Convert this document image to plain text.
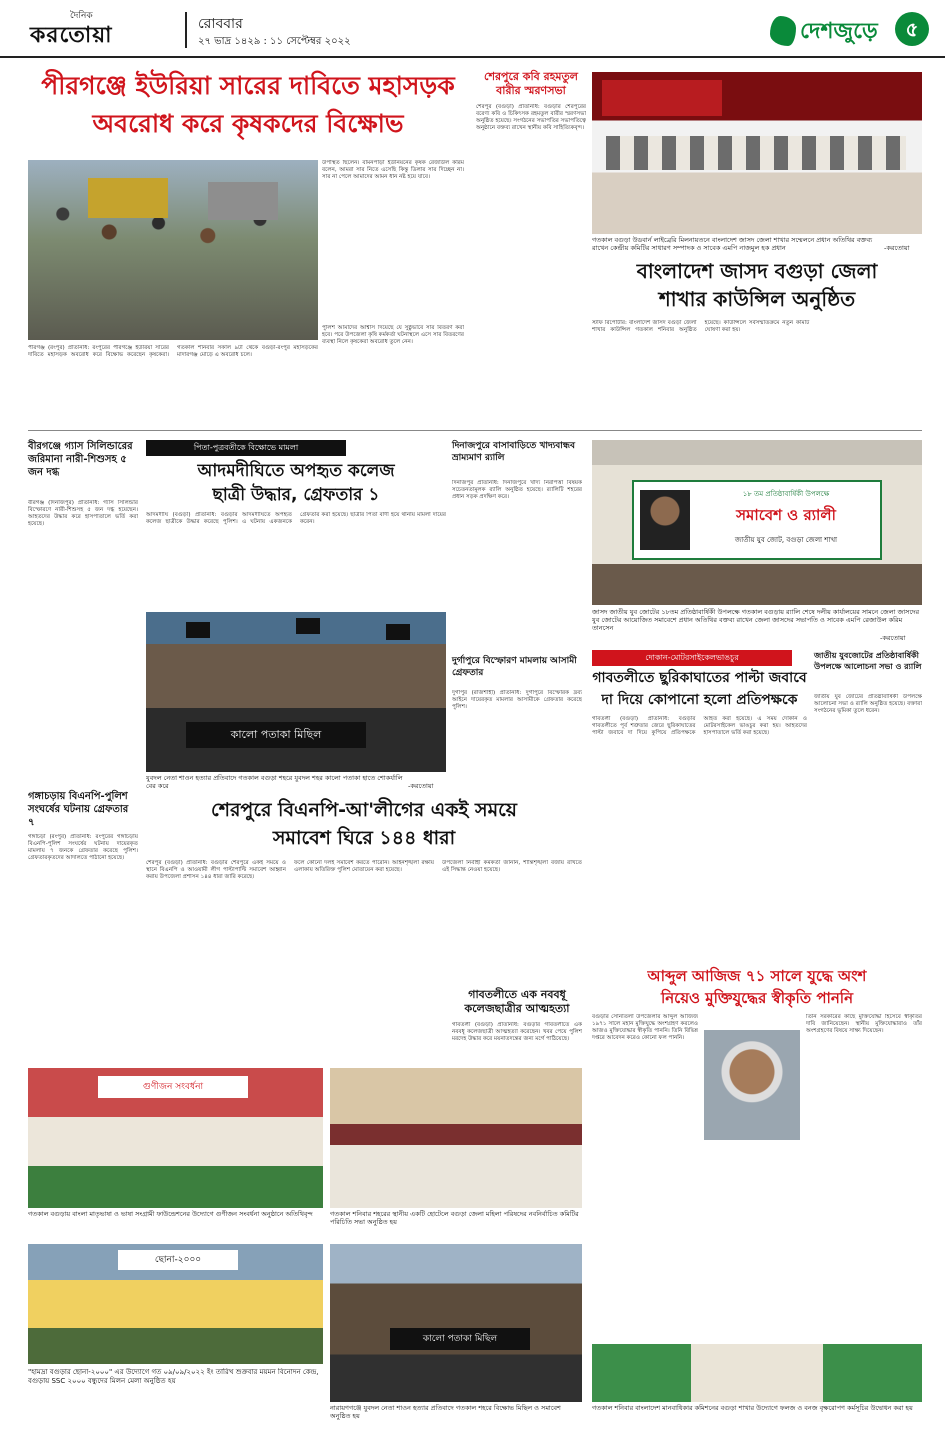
দৈনিক
করতোয়া	রোববার
২৭ ভাদ্র ১৪২৯ : ১১ সেপ্টেম্বর ২০২২	দেশজুড়ে	৫
পীরগঞ্জে ইউরিয়া সারের দাবিতে মহাসড়ক
অবরোধ করে কৃষকদের বিক্ষোভ
পীরগঞ্জ (রংপুর) প্রতিনিধি: রংপুরের পীরগঞ্জে ইউরিয়া সারের দাবিতে মহাসড়ক অবরোধ করে বিক্ষোভ করেছেন কৃষকেরা। গতকাল শনিবার সকাল ৯টা থেকে বগুড়া-রংপুর মহাসড়কের মাদারগঞ্জ মোড়ে এ অবরোধ চলে।
উপস্থিত ছিলেন। বামনপাড়া ইউনিয়নের কৃষক রেজাউল করিম বলেন, আমরা সার নিতে এসেছি কিন্তু ডিলার সার দিচ্ছেন না। সার না পেলে আমাদের আমন ধান নষ্ট হয়ে যাবে।
পুলিশ আমাদের আশ্বাস দিয়েছে যে সুষ্ঠুভাবে সার বিতরণ করা হবে। পরে উপজেলা কৃষি কর্মকর্তা ঘটনাস্থলে এসে সার বিতরণের ব্যবস্থা নিলে কৃষকেরা অবরোধ তুলে নেন।
শেরপুরে কবি রহমতুল বারীর স্মরণসভা
শেরপুর (বগুড়া) প্রতিনিধি: বগুড়ার শেরপুরের বরেণ্য কবি ও চিকিৎসক রহমতুল বারীর স্মরণসভা অনুষ্ঠিত হয়েছে। সংগঠনের সভাপতির সভাপতিত্বে অনুষ্ঠানে বক্তব্য রাখেন স্থানীয় কবি সাহিত্যিকবৃন্দ।
গতকাল বগুড়া উডবার্ন লাইব্রেরি মিলনায়তনে বাংলাদেশ জাসদ জেলা শাখার সম্মেলনে প্রধান অতিথির বক্তব্য রাখেন কেন্দ্রীয় কমিটির সাধারণ সম্পাদক ও সাবেক এমপি নাজমুল হক প্রধান	-করতোয়া
বাংলাদেশ জাসদ বগুড়া জেলা
শাখার কাউন্সিল অনুষ্ঠিত
স্টাফ রিপোর্টার: বাংলাদেশ জাসদ বগুড়া জেলা শাখার কাউন্সিল গতকাল শনিবার অনুষ্ঠিত হয়েছে। কাউন্সিলে সর্বসম্মতিক্রমে নতুন কমিটি ঘোষণা করা হয়।
বীরগঞ্জে গ্যাস সিলিন্ডারের জরিমানা নারী-শিশুসহ ৫ জন দগ্ধ
বীরগঞ্জ (দিনাজপুর) প্রতিনিধি: গ্যাস সিলিন্ডার বিস্ফোরণে নারী-শিশুসহ ৫ জন দগ্ধ হয়েছেন। আহতদের উদ্ধার করে হাসপাতালে ভর্তি করা হয়েছে।
গঙ্গাচড়ায় বিএনপি-পুলিশ সংঘর্ষের ঘটনায় গ্রেফতার ৭
গঙ্গাচড়া (রংপুর) প্রতিনিধি: রংপুরের গঙ্গাচড়ায় বিএনপি-পুলিশ সংঘর্ষের ঘটনায় দায়েরকৃত মামলায় ৭ জনকে গ্রেফতার করেছে পুলিশ। গ্রেফতারকৃতদের আদালতে পাঠানো হয়েছে।
পিতা-পুত্রবতীকে বিক্ষোভে মামলা
আদমদীঘিতে অপহৃত কলেজ
ছাত্রী উদ্ধার, গ্রেফতার ১
আদমদীঘি (বগুড়া) প্রতিনিধি: বগুড়ার আদমদীঘিতে অপহৃত কলেজ ছাত্রীকে উদ্ধার করেছে পুলিশ। এ ঘটনায় একজনকে গ্রেফতার করা হয়েছে। ছাত্রীর পিতা বাদী হয়ে থানায় মামলা দায়ের করেন।
দিনাজপুরে বাসাবাড়িতে খাদ্যবান্ধব ভ্রাম্যমাণ র‍্যালি
দিনাজপুর প্রতিনিধি: দিনাজপুরে খাদ্য নিরাপত্তা বিষয়ক সচেতনতামূলক র‍্যালি অনুষ্ঠিত হয়েছে। র‍্যালিটি শহরের প্রধান সড়ক প্রদক্ষিণ করে।
দুর্গাপুরে বিস্ফোরণ মামলায় আসামী গ্রেফতার
দুর্গাপুর (রাজশাহী) প্রতিনিধি: দুর্গাপুরে বিস্ফোরক দ্রব্য আইনে দায়েরকৃত মামলার আসামীকে গ্রেফতার করেছে পুলিশ।
কালো পতাকা মিছিল
যুবদল নেতা শাওন হত্যার প্রতিবাদে গতকাল বগুড়া শহরে যুবদল শহর কালো পতাকা হাতে শোকর্যালি বের করে	-করতোয়া
শেরপুরে বিএনপি-আ'লীগের একই সময়ে
সমাবেশ ঘিরে ১৪৪ ধারা
শেরপুর (বগুড়া) প্রতিনিধি: বগুড়ার শেরপুরে একই সময়ে ও স্থানে বিএনপি ও আওয়ামী লীগ পাল্টাপাল্টি সমাবেশ আহ্বান করায় উপজেলা প্রশাসন ১৪৪ ধারা জারি করেছে।
ফলে কোনো দলই সমাবেশ করতে পারেনি। আইনশৃঙ্খলা রক্ষায় এলাকায় অতিরিক্ত পুলিশ মোতায়েন করা হয়েছে।
উপজেলা নির্বাহী কর্মকর্তা জানান, শান্তিশৃঙ্খলা বজায় রাখতে এই সিদ্ধান্ত নেওয়া হয়েছে।
১৮ তম প্রতিষ্ঠাবার্ষিকী উপলক্ষে
সমাবেশ ও র‍্যালী
জাতীয় যুব জোট, বগুড়া জেলা শাখা
জাসদ জাতীয় যুব জোটের ১৮তম প্রতিষ্ঠাবার্ষিকী উপলক্ষে গতকাল বগুড়ায় র‍্যালি শেষে দলীয় কার্যালয়ের সামনে জেলা জাসদের যুব জোটের আয়োজিত সমাবেশে প্রধান অতিথির বক্তব্য রাখেন জেলা জাসদের সভাপতি ও সাবেক এমপি রেজাউল করিম তানসেন
-করতোয়া
দোকান-মোটরসাইকেলভাঙচুর
গাবতলীতে ছুরিকাঘাতের পাল্টা জবাবে
দা দিয়ে কোপানো হলো প্রতিপক্ষকে
গাবতলী (বগুড়া) প্রতিনিধি: বগুড়ার গাবতলীতে পূর্ব শত্রুতার জেরে ছুরিকাঘাতের পাল্টা জবাবে দা দিয়ে কুপিয়ে প্রতিপক্ষকে আহত করা হয়েছে। এ সময় দোকান ও মোটরসাইকেল ভাঙচুর করা হয়। আহতদের হাসপাতালে ভর্তি করা হয়েছে।
জাতীয় যুবজোটের প্রতিষ্ঠাবার্ষিকী উপলক্ষে আলোচনা সভা ও র‍্যালি
জাতীয় যুব জোটের প্রতিষ্ঠাবার্ষিকী উপলক্ষে আলোচনা সভা ও র‍্যালি অনুষ্ঠিত হয়েছে। বক্তারা সংগঠনের ভূমিকা তুলে ধরেন।
গাবতলীতে এক নববধূ কলেজছাত্রীর আত্মহত্যা
গাবতলী (বগুড়া) প্রতিনিধি: বগুড়ার গাবতলীতে এক নববধূ কলেজছাত্রী আত্মহত্যা করেছেন। খবর পেয়ে পুলিশ মরদেহ উদ্ধার করে ময়নাতদন্তের জন্য মর্গে পাঠিয়েছে।
আব্দুল আজিজ ৭১ সালে যুদ্ধে অংশ
নিয়েও মুক্তিযুদ্ধের স্বীকৃতি পাননি
বগুড়ার সোনাতলা উপজেলার আব্দুল আজিজ ১৯৭১ সালে মহান মুক্তিযুদ্ধে অংশগ্রহণ করলেও আজও মুক্তিযোদ্ধার স্বীকৃতি পাননি। তিনি বিভিন্ন দপ্তরে আবেদন করেও কোনো ফল পাননি।
তিনি সরকারের কাছে মুক্তিযোদ্ধা হিসেবে স্বীকৃতির দাবি জানিয়েছেন। স্থানীয় মুক্তিযোদ্ধারাও তাঁর অংশগ্রহণের বিষয়ে সাক্ষ্য দিয়েছেন।
গুণীজন সংবর্ধনা
গতকাল বগুড়ায় বাংলা মাতৃভাষা ও ভাষা সংগ্রামী ফাউন্ডেশনের উদ্যোগে গুণীজন সংবর্ধনা অনুষ্ঠানে অতিথিবৃন্দ	গতকাল শনিবার শহরের স্থানীয় একটি হোটেলে বগুড়া জেলা মহিলা পরিষদের নবনির্বাচিত কমিটির পরিচিতি সভা অনুষ্ঠিত হয়
ছোনা-২০০০
"হামদ্রা বগুড়ার ছোনা-২০০০" এর উদ্যোগে গত ০৯/০৯/২০২২ ইং তারিখ শুক্রবার ময়মন বিনোদন কেন্দ্র, বগুড়ায় SSC ২০০০ বন্ধুদের মিলন মেলা অনুষ্ঠিত হয়
কালো পতাকা মিছিল
নারায়ণগঞ্জে যুবদল নেতা শাওন হত্যার প্রতিবাদে গতকাল শহরে বিক্ষোভ মিছিল ও সমাবেশ অনুষ্ঠিত হয়
গতকাল শনিবার বাংলাদেশ মানবাধিকার কমিশনের বগুড়া শাখার উদ্যোগে ফলজ ও বনজ বৃক্ষরোপণ কর্মসূচির উদ্বোধন করা হয়
